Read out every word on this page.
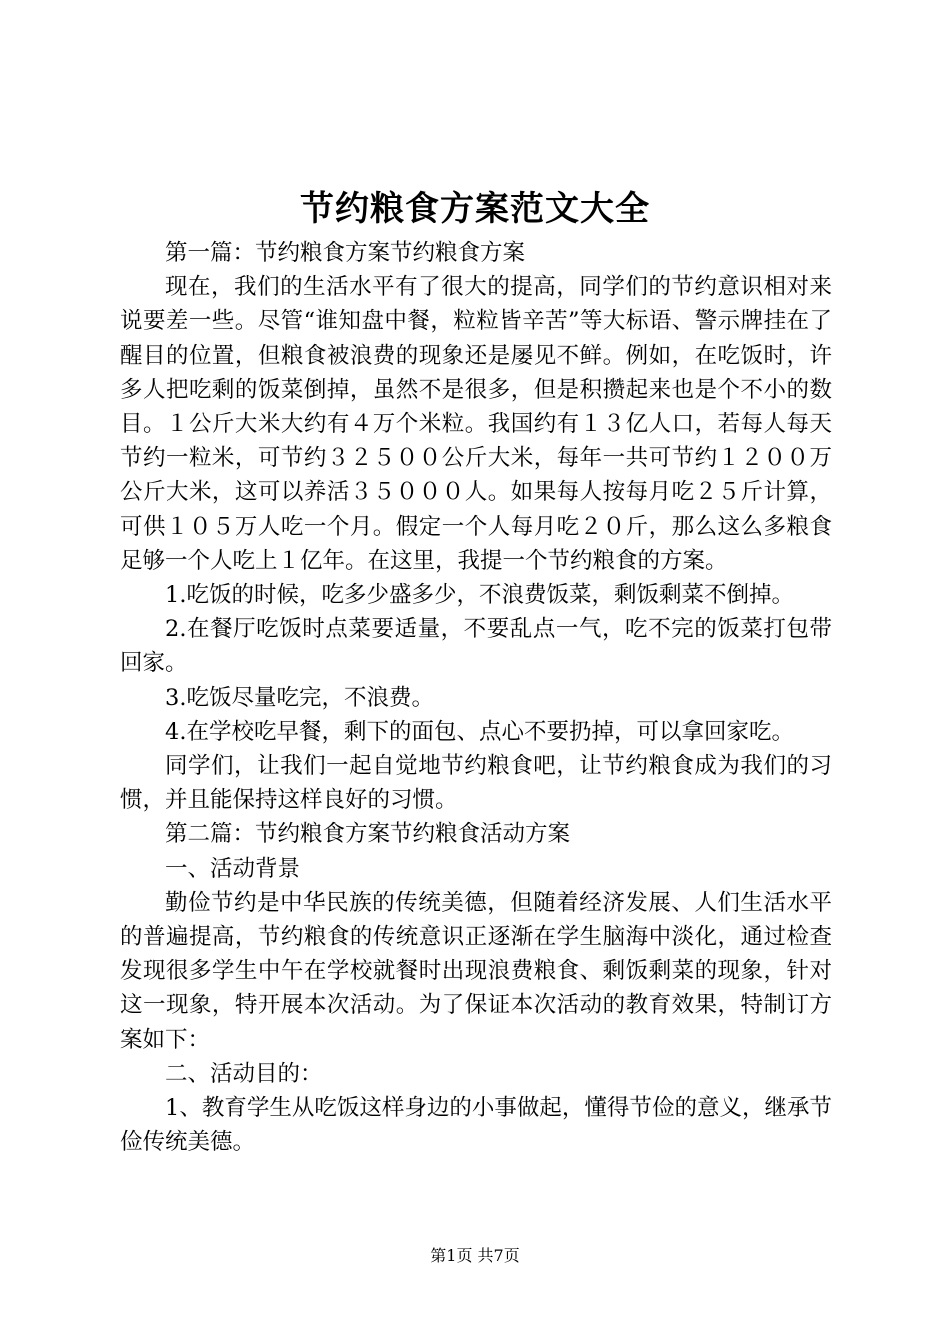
节约粮食方案范文大全

第一篇：节约粮食方案节约粮食方案

现在，我们的生活水平有了很大的提高，同学们的节约意识相对来说要差一些。尽管“谁知盘中餐，粒粒皆辛苦”等大标语、警示牌挂在了醒目的位置，但粮食被浪费的现象还是屡见不鲜。例如，在吃饭时，许多人把吃剩的饭菜倒掉，虽然不是很多，但是积攒起来也是个不小的数目。１公斤大米大约有４万个米粒。我国约有１３亿人口，若每人每天节约一粒米，可节约３２５００公斤大米，每年一共可节约１２００万公斤大米，这可以养活３５０００人。如果每人按每月吃２５斤计算，可供１０５万人吃一个月。假定一个人每月吃２０斤，那么这么多粮食足够一个人吃上１亿年。在这里，我提一个节约粮食的方案。

1.吃饭的时候，吃多少盛多少，不浪费饭菜，剩饭剩菜不倒掉。

2.在餐厅吃饭时点菜要适量，不要乱点一气，吃不完的饭菜打包带回家。

3.吃饭尽量吃完，不浪费。

4.在学校吃早餐，剩下的面包、点心不要扔掉，可以拿回家吃。

同学们，让我们一起自觉地节约粮食吧，让节约粮食成为我们的习惯，并且能保持这样良好的习惯。

第二篇：节约粮食方案节约粮食活动方案

一、活动背景

勤俭节约是中华民族的传统美德，但随着经济发展、人们生活水平的普遍提高，节约粮食的传统意识正逐渐在学生脑海中淡化，通过检查发现很多学生中午在学校就餐时出现浪费粮食、剩饭剩菜的现象，针对这一现象，特开展本次活动。为了保证本次活动的教育效果，特制订方案如下：

二、活动目的：

1、教育学生从吃饭这样身边的小事做起，懂得节俭的意义，继承节俭传统美德。

第1页 共7页
